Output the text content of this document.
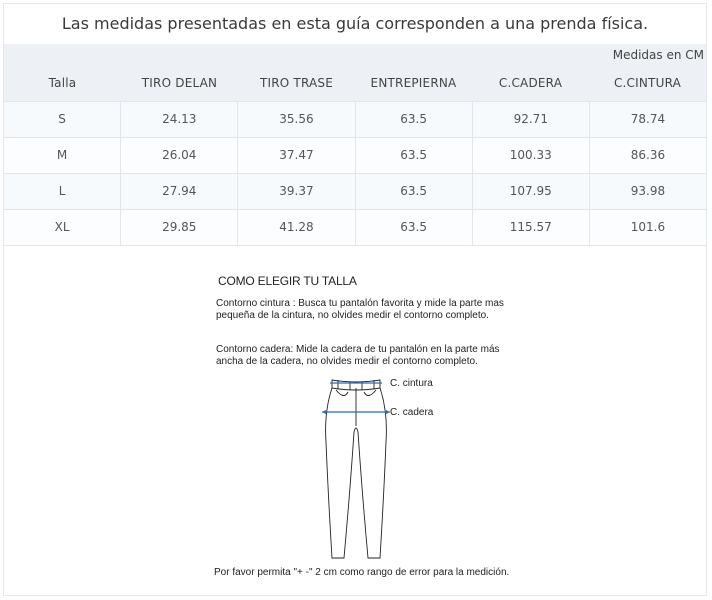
Las medidas presentadas en esta guía corresponden a una prenda física.
Medidas en CM
Talla	TIRO DELAN	TIRO TRASE	ENTREPIERNA	C.CADERA	C.CINTURA
S	24.13	35.56	63.5	92.71	78.74
M	26.04	37.47	63.5	100.33	86.36
L	27.94	39.37	63.5	107.95	93.98
XL	29.85	41.28	63.5	115.57	101.6
COMO ELEGIR TU TALLA

Contorno cintura : Busca tu pantalón favorita y mide la parte mas pequeña de la cintura, no olvides medir el contorno completo.

Contorno cadera: Mide la cadera de tu pantalón en la parte más ancha de la cadera, no olvides medir el contorno completo.

C. cintura
C. cadera
Por favor permita "+ -" 2 cm como rango de error para la medición.
